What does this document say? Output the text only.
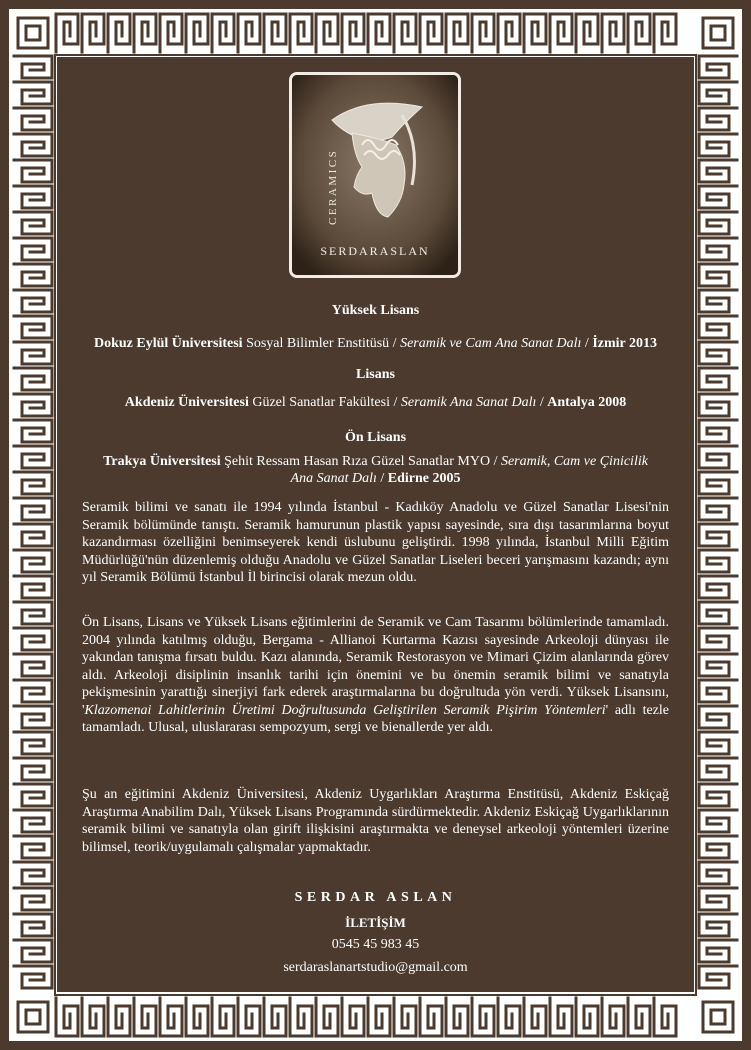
CERAMICS
SERDARASLAN
Yüksek Lisans
Dokuz Eylül Üniversitesi Sosyal Bilimler Enstitüsü / Seramik ve Cam Ana Sanat Dalı / İzmir 2013
Lisans
Akdeniz Üniversitesi Güzel Sanatlar Fakültesi / Seramik Ana Sanat Dalı / Antalya 2008
Ön Lisans
Trakya Üniversitesi Şehit Ressam Hasan Rıza Güzel Sanatlar MYO / Seramik, Cam ve Çinicilik
Ana Sanat Dalı / Edirne 2005

Seramik bilimi ve sanatı ile 1994 yılında İstanbul - Kadıköy Anadolu ve Güzel Sanatlar Lisesi'nin Seramik bölümünde tanıştı. Seramik hamurunun plastik yapısı sayesinde, sıra dışı tasarımlarına boyut kazandırması özelliğini benimseyerek kendi üslubunu geliştirdi. 1998 yılında, İstanbul Milli Eğitim Müdürlüğü'nün düzenlemiş olduğu Anadolu ve Güzel Sanatlar Liseleri beceri yarışmasını kazandı; aynı yıl Seramik Bölümü İstanbul İl birincisi olarak mezun oldu.

Ön Lisans, Lisans ve Yüksek Lisans eğitimlerini de Seramik ve Cam Tasarımı bölümlerinde tamamladı. 2004 yılında katılmış olduğu, Bergama - Allianoi Kurtarma Kazısı sayesinde Arkeoloji dünyası ile yakından tanışma fırsatı buldu. Kazı alanında, Seramik Restorasyon ve Mimari Çizim alanlarında görev aldı. Arkeoloji disiplinin insanlık tarihi için önemini ve bu önemin seramik bilimi ve sanatıyla pekişmesinin yarattığı sinerjiyi fark ederek araştırmalarına bu doğrultuda yön verdi. Yüksek Lisansını, 'Klazomenai Lahitlerinin Üretimi Doğrultusunda Geliştirilen Seramik Pişirim Yöntemleri' adlı tezle tamamladı. Ulusal, uluslararası sempozyum, sergi ve bienallerde yer aldı.

Şu an eğitimini Akdeniz Üniversitesi, Akdeniz Uygarlıkları Araştırma Enstitüsü, Akdeniz Eskiçağ Araştırma Anabilim Dalı, Yüksek Lisans Programında sürdürmektedir. Akdeniz Eskiçağ Uygarlıklarının seramik bilimi ve sanatıyla olan girift ilişkisini araştırmakta ve deneysel arkeoloji yöntemleri üzerine bilimsel, teorik/uygulamalı çalışmalar yapmaktadır.

SERDAR ASLAN
İLETİŞİM
0545 45 983 45
serdaraslanartstudio@gmail.com
